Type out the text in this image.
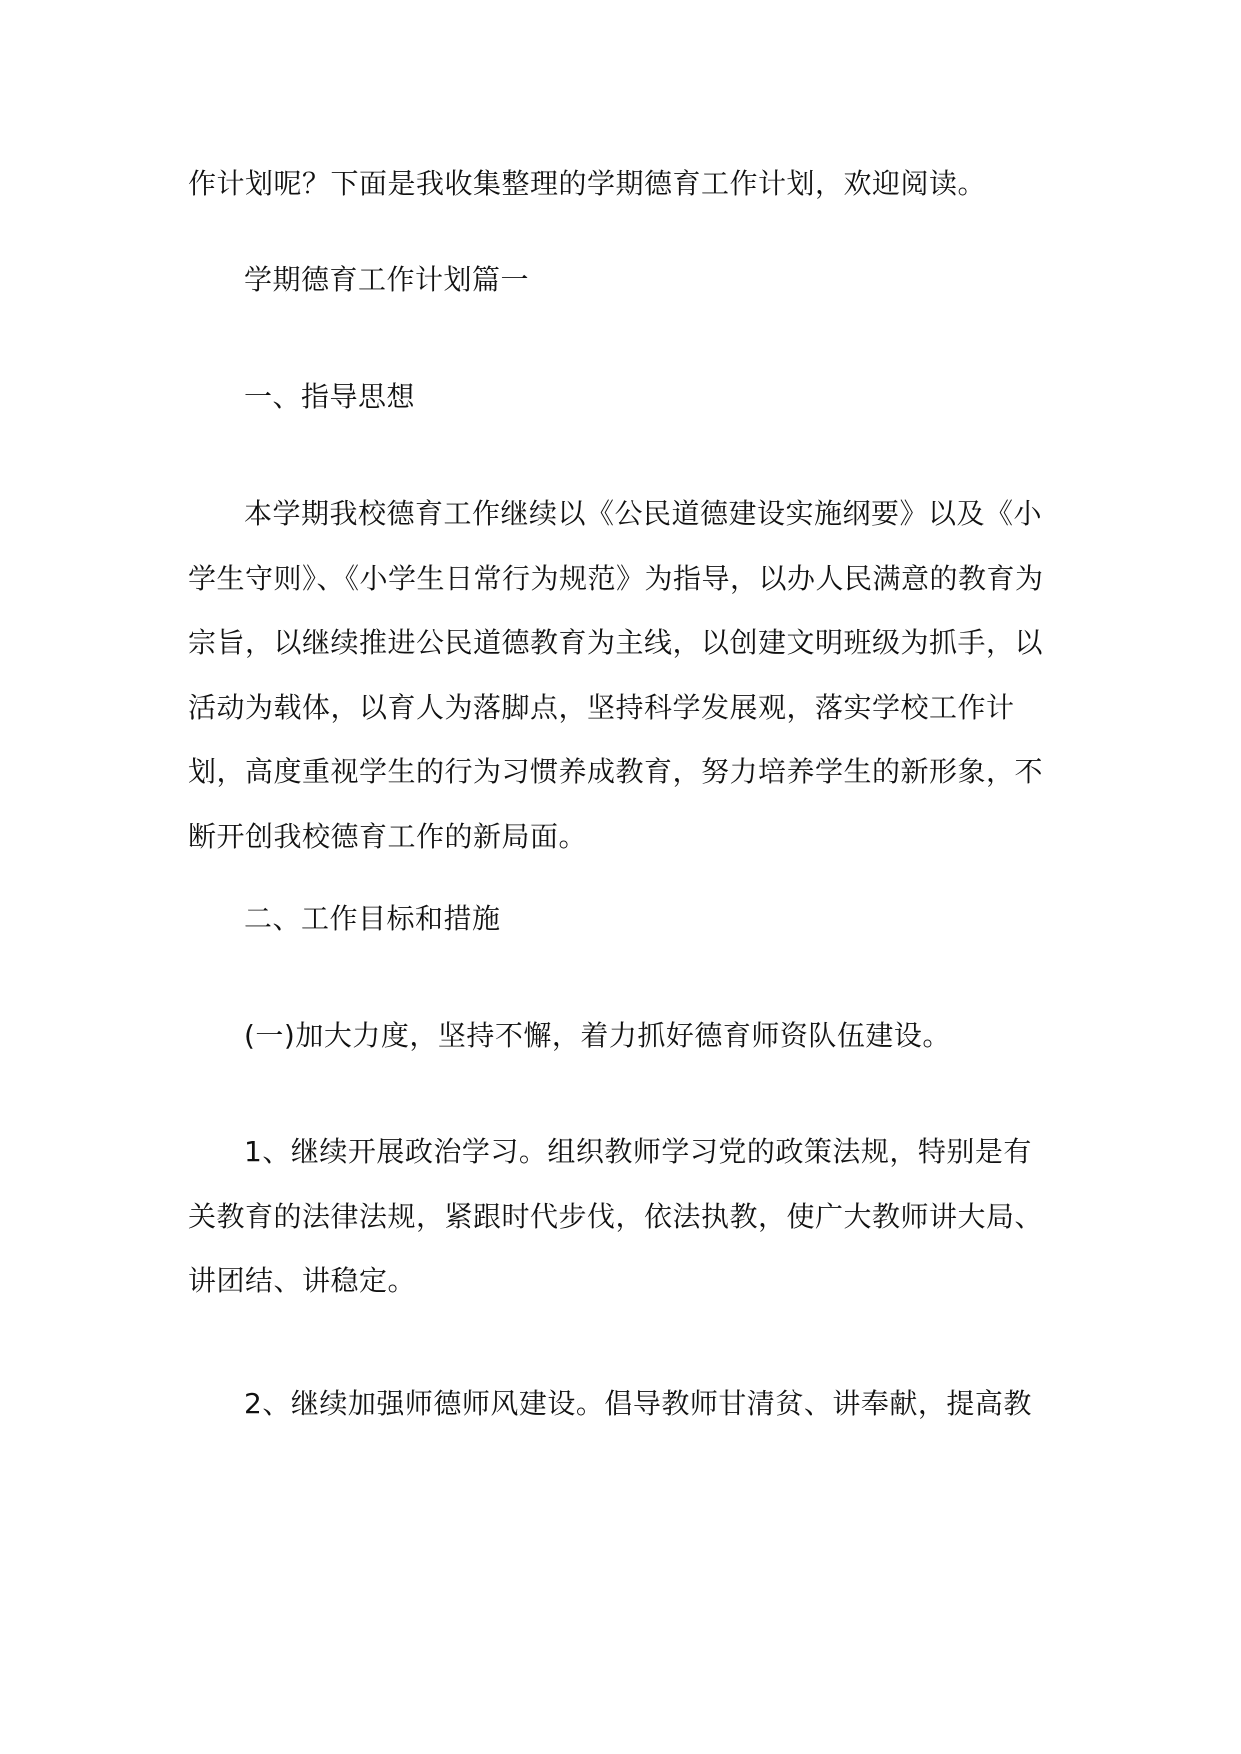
作计划呢？下面是我收集整理的学期德育工作计划，欢迎阅读。

学期德育工作计划篇一

一、指导思想

本学期我校德育工作继续以《公民道德建设实施纲要》以及《小学生守则》、《小学生日常行为规范》为指导，以办人民满意的教育为宗旨，以继续推进公民道德教育为主线，以创建文明班级为抓手，以活动为载体，以育人为落脚点，坚持科学发展观，落实学校工作计划，高度重视学生的行为习惯养成教育，努力培养学生的新形象，不断开创我校德育工作的新局面。

二、工作目标和措施

(一)加大力度，坚持不懈，着力抓好德育师资队伍建设。

1、继续开展政治学习。组织教师学习党的政策法规，特别是有关教育的法律法规，紧跟时代步伐，依法执教，使广大教师讲大局、讲团结、讲稳定。

2、继续加强师德师风建设。倡导教师甘清贫、讲奉献，提高教
